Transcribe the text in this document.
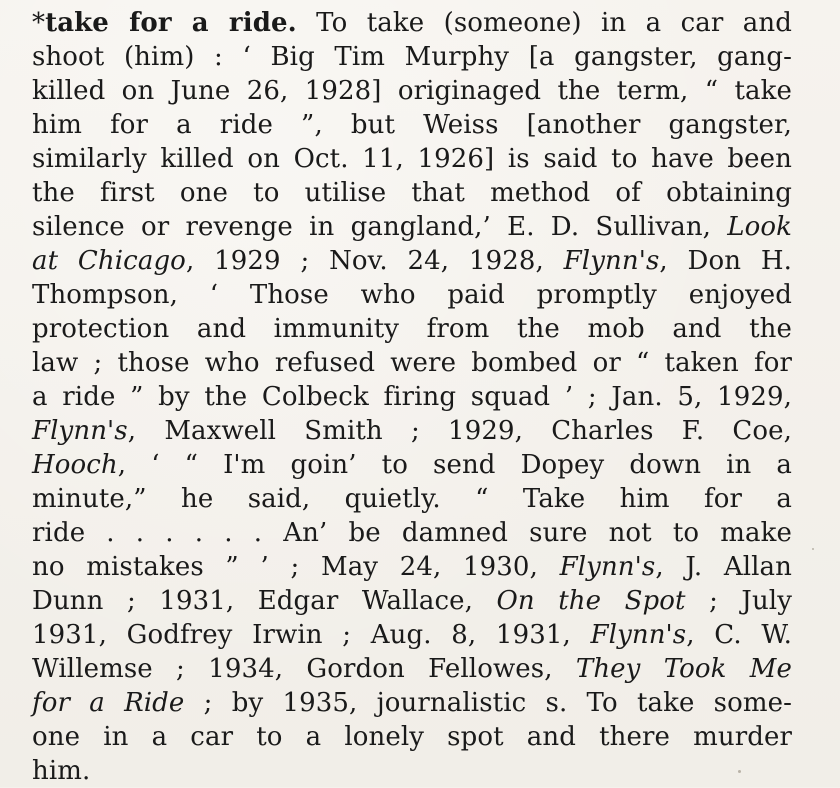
*take for a ride. To take (someone) in a car and
shoot (him) : ‘ Big Tim Murphy [a gangster, gang-
killed on June 26, 1928] originaged the term, “ take
him for a ride ”, but Weiss [another gangster,
similarly killed on Oct. 11, 1926] is said to have been
the first one to utilise that method of obtaining
silence or revenge in gangland,’ E. D. Sullivan, Look
at Chicago, 1929 ; Nov. 24, 1928, Flynn's, Don H.
Thompson, ‘ Those who paid promptly enjoyed
protection and immunity from the mob and the
law ; those who refused were bombed or “ taken for
a ride ” by the Colbeck firing squad ’ ; Jan. 5, 1929,
Flynn's, Maxwell Smith ; 1929, Charles F. Coe,
Hooch, ‘ “ I'm goin’ to send Dopey down in a
minute,” he said, quietly. “ Take him for a
ride . . . . . . An’ be damned sure not to make
no mistakes ” ’ ; May 24, 1930, Flynn's, J. Allan
Dunn ; 1931, Edgar Wallace, On the Spot ; July
1931, Godfrey Irwin ; Aug. 8, 1931, Flynn's, C. W.
Willemse ; 1934, Gordon Fellowes, They Took Me
for a Ride ; by 1935, journalistic s. To take some-
one in a car to a lonely spot and there murder
him.
